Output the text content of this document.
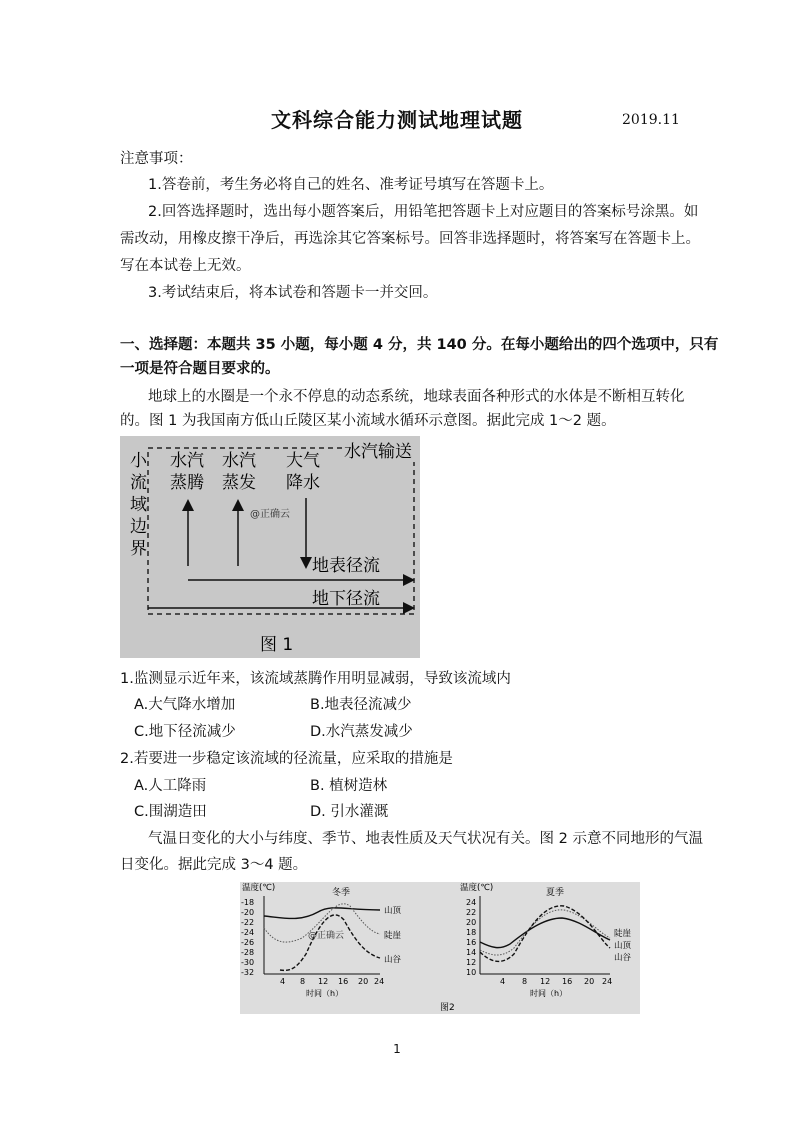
文科综合能力测试地理试题	2019.11
注意事项：
1.答卷前，考生务必将自己的姓名、准考证号填写在答题卡上。
2.回答选择题时，选出每小题答案后，用铅笔把答题卡上对应题目的答案标号涂黑。如
需改动，用橡皮擦干净后，再选涂其它答案标号。回答非选择题时，将答案写在答题卡上。
写在本试卷上无效。
3.考试结束后，将本试卷和答题卡一并交回。
一、选择题：本题共 35 小题，每小题 4 分，共 140 分。在每小题给出的四个选项中，只有
一项是符合题目要求的。
地球上的水圈是一个永不停息的动态系统，地球表面各种形式的水体是不断相互转化
的。图 1 为我国南方低山丘陵区某小流域水循环示意图。据此完成 1～2 题。
小
流
域
边
界
水汽输送
水汽
蒸腾
水汽
蒸发
大气
降水
@正确云
地表径流
地下径流
图 1
1.监测显示近年来，该流域蒸腾作用明显减弱，导致该流域内
A.大气降水增加	B.地表径流减少
C.地下径流减少	D.水汽蒸发减少
2.若要进一步稳定该流域的径流量，应采取的措施是
A.人工降雨	B. 植树造林
C.围湖造田	D. 引水灌溉
气温日变化的大小与纬度、季节、地表性质及天气状况有关。图 2 示意不同地形的气温
日变化。据此完成 3～4 题。
温度(℃)	冬季
-18
-20
-22
-24
-26
-28
-30
-32
4 8 12 16 20 24
山顶
陡崖
山谷
@正确云
时间（h）
温度(℃)	夏季
24
22
20
18
16
14
12
10
4 8 12 16 20 24
陡崖
山顶
山谷
时间（h）
图2
1
